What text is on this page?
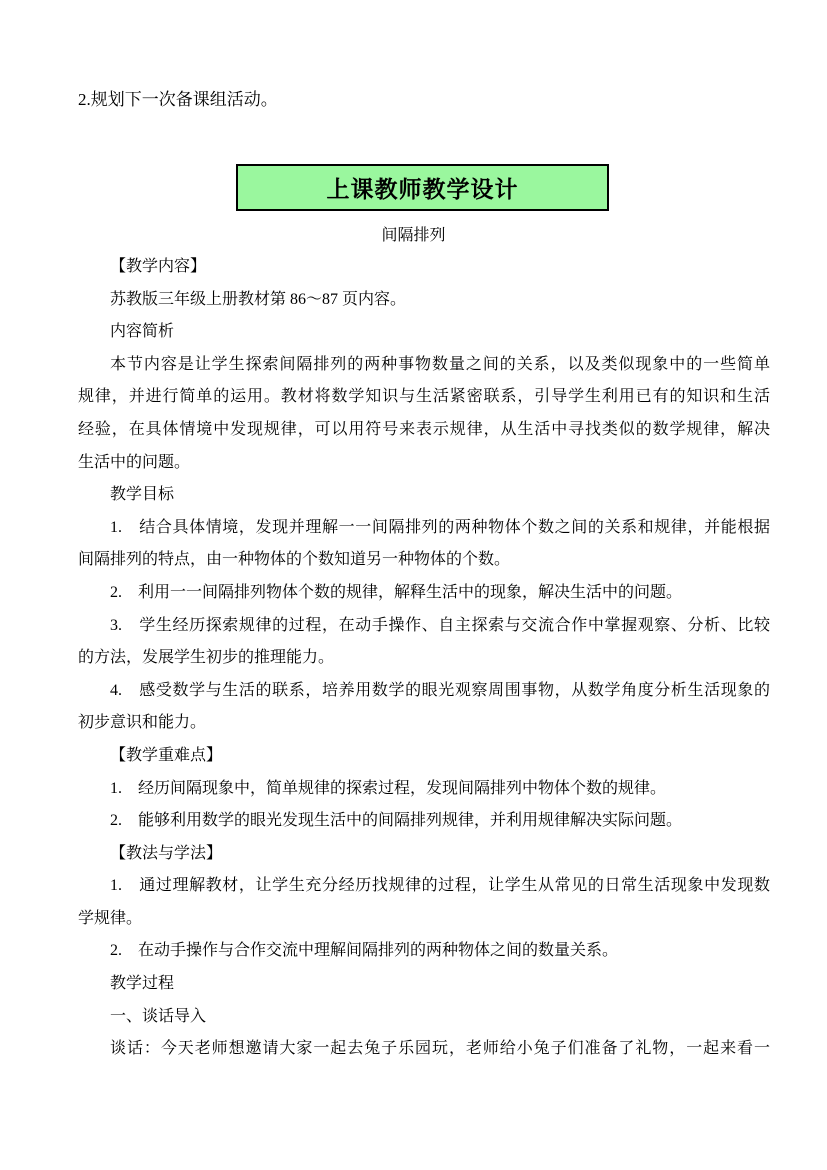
2.规划下一次备课组活动。
上课教师教学设计
间隔排列
【教学内容】
苏教版三年级上册教材第 86～87 页内容。
内容简析
本节内容是让学生探索间隔排列的两种事物数量之间的关系，以及类似现象中的一些简单
规律，并进行简单的运用。教材将数学知识与生活紧密联系，引导学生利用已有的知识和生活
经验，在具体情境中发现规律，可以用符号来表示规律，从生活中寻找类似的数学规律，解决
生活中的问题。
教学目标
1.　结合具体情境，发现并理解一一间隔排列的两种物体个数之间的关系和规律，并能根据
间隔排列的特点，由一种物体的个数知道另一种物体的个数。
2.　利用一一间隔排列物体个数的规律，解释生活中的现象，解决生活中的问题。
3.　学生经历探索规律的过程，在动手操作、自主探索与交流合作中掌握观察、分析、比较
的方法，发展学生初步的推理能力。
4.　感受数学与生活的联系，培养用数学的眼光观察周围事物，从数学角度分析生活现象的
初步意识和能力。
【教学重难点】
1.　经历间隔现象中，简单规律的探索过程，发现间隔排列中物体个数的规律。
2.　能够利用数学的眼光发现生活中的间隔排列规律，并利用规律解决实际问题。
【教法与学法】
1.　通过理解教材，让学生充分经历找规律的过程，让学生从常见的日常生活现象中发现数
学规律。
2.　在动手操作与合作交流中理解间隔排列的两种物体之间的数量关系。
教学过程
一、谈话导入
谈话：今天老师想邀请大家一起去兔子乐园玩，老师给小兔子们准备了礼物，一起来看一
